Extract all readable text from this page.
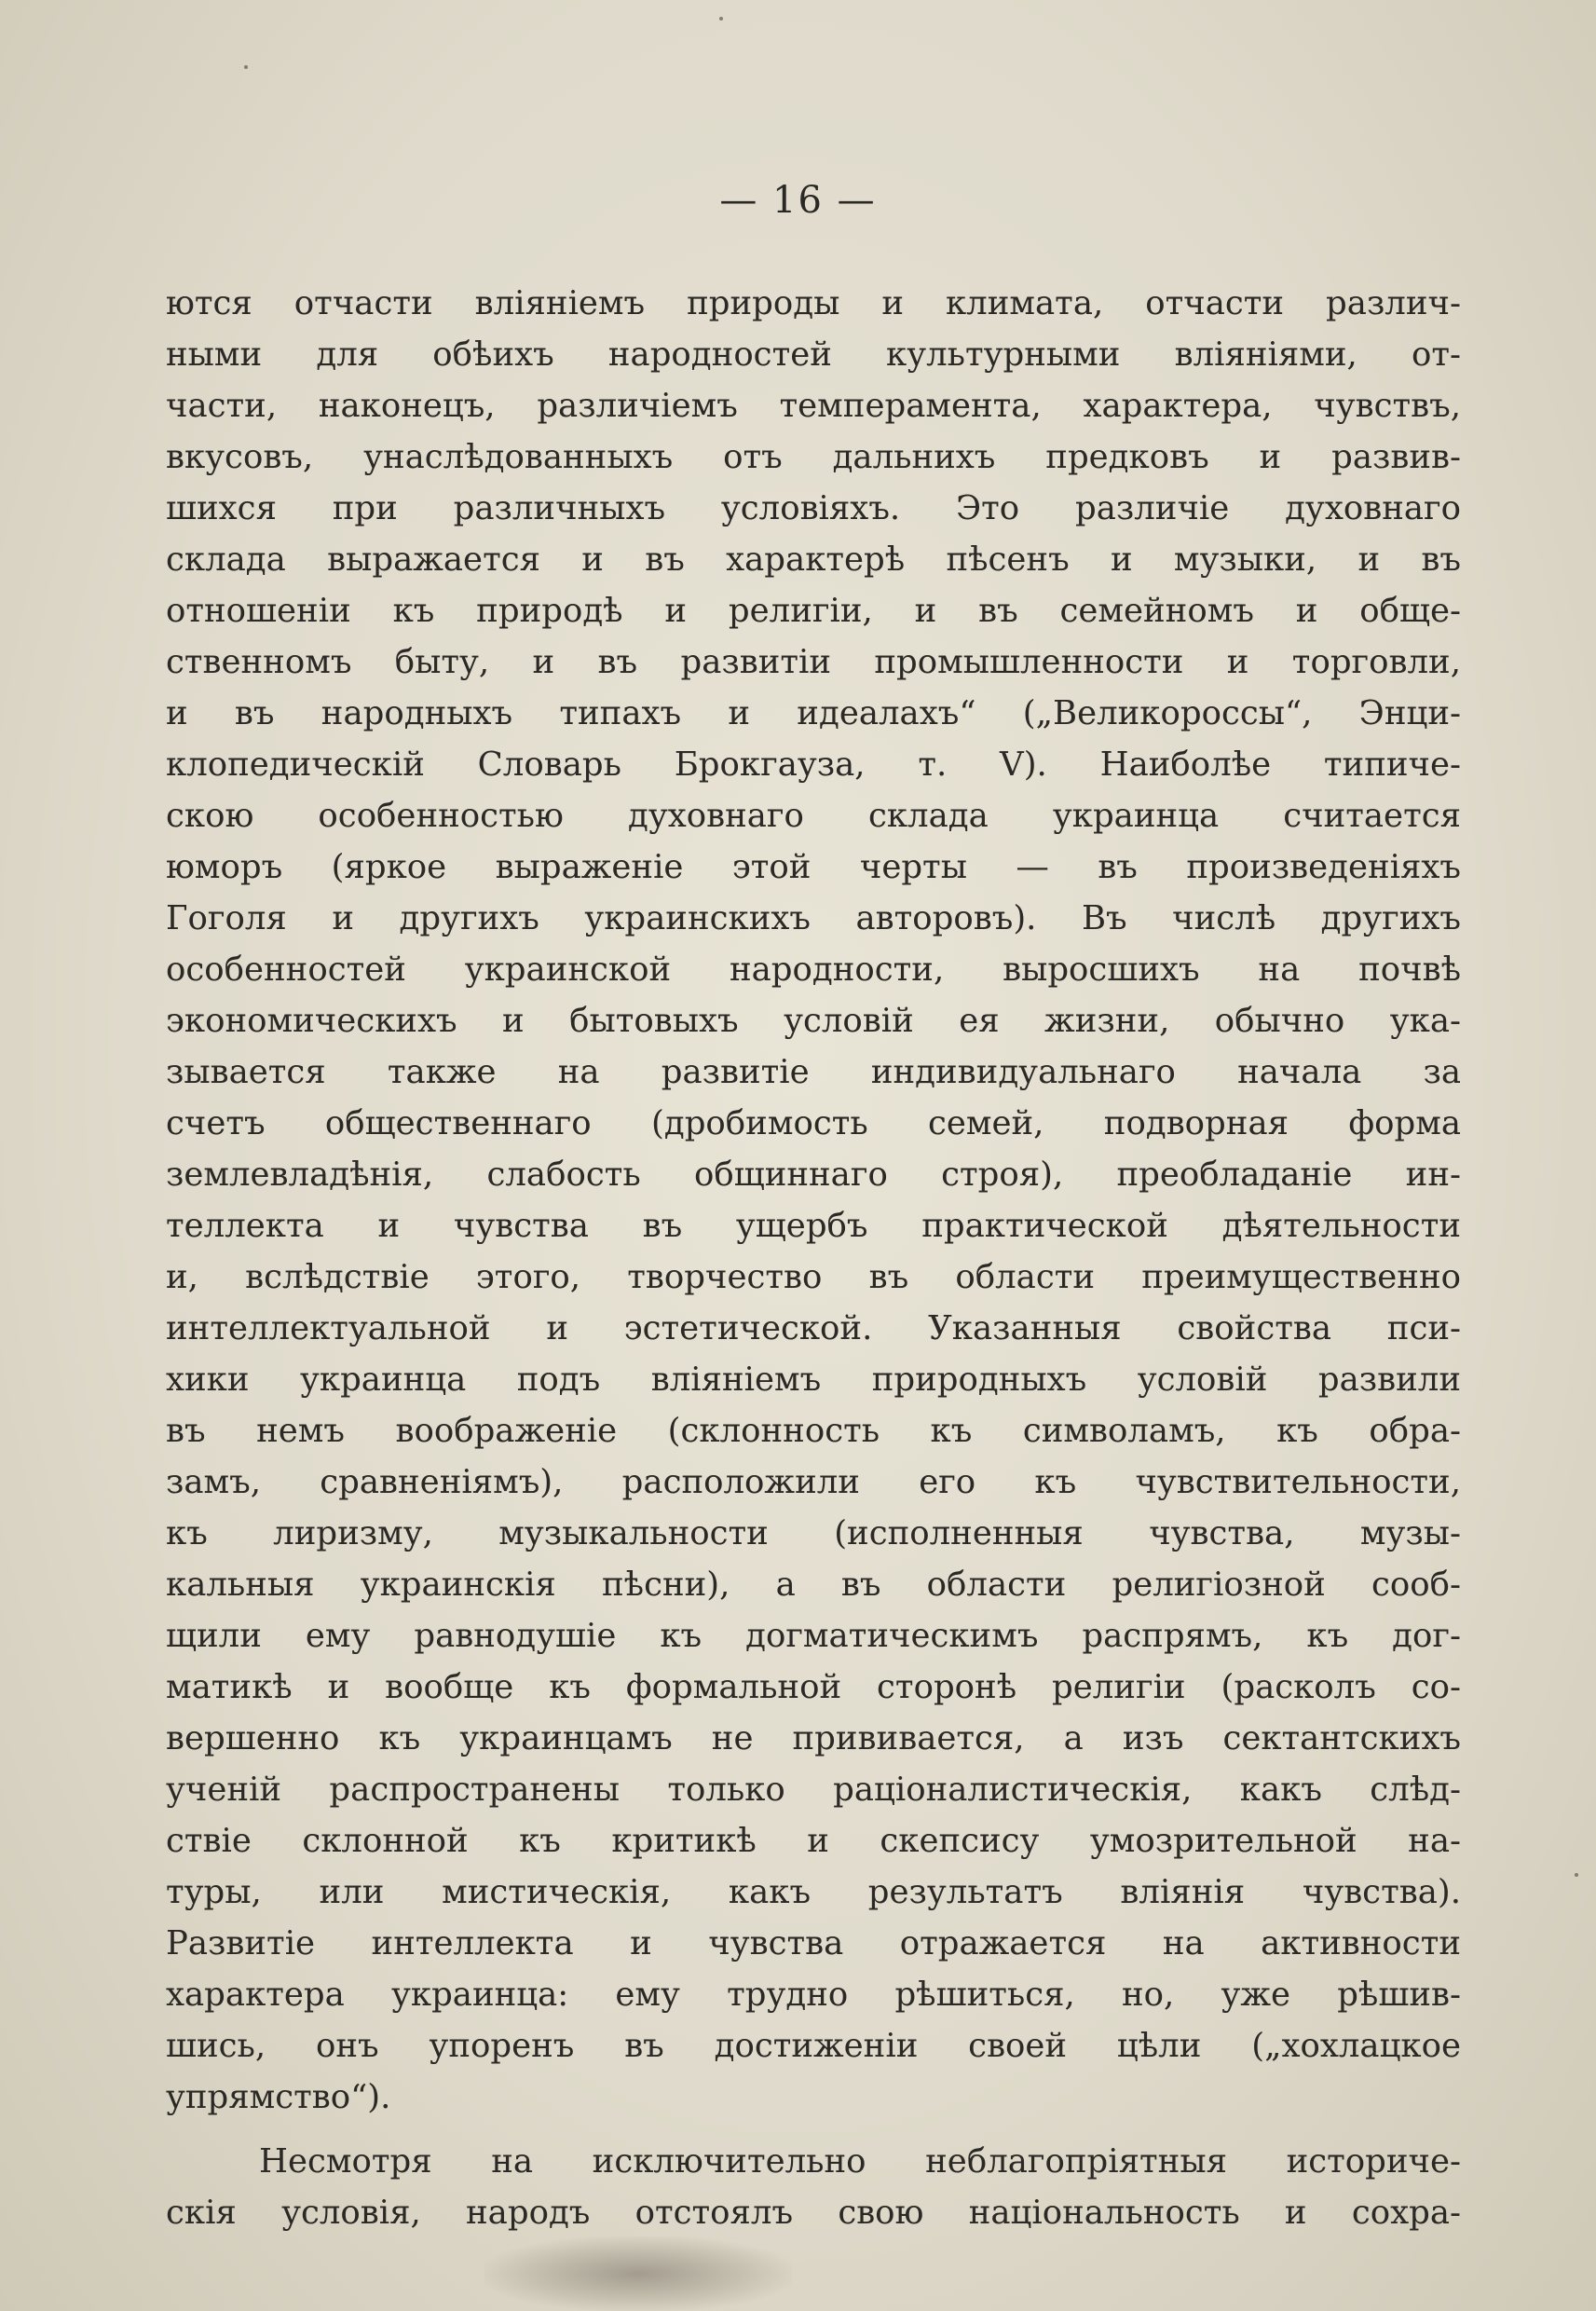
— 16 —
ются отчасти вліяніемъ природы и климата, отчасти различ-
ными для обѣихъ народностей культурными вліяніями, от-
части, наконецъ, различіемъ темперамента, характера, чувствъ,
вкусовъ, унаслѣдованныхъ отъ дальнихъ предковъ и развив-
шихся при различныхъ условіяхъ. Это различіе духовнаго
склада выражается и въ характерѣ пѣсенъ и музыки, и въ
отношеніи къ природѣ и религіи, и въ семейномъ и обще-
ственномъ быту, и въ развитіи промышленности и торговли,
и въ народныхъ типахъ и идеалахъ“ („Великороссы“, Энци-
клопедическій Словарь Брокгауза, т. V). Наиболѣе типиче-
скою особенностью духовнаго склада украинца считается
юморъ (яркое выраженіе этой черты — въ произведеніяхъ
Гоголя и другихъ украинскихъ авторовъ). Въ числѣ другихъ
особенностей украинской народности, выросшихъ на почвѣ
экономическихъ и бытовыхъ условій ея жизни, обычно ука-
зывается также на развитіе индивидуальнаго начала за
счетъ общественнаго (дробимость семей, подворная форма
землевладѣнія, слабость общиннаго строя), преобладаніе ин-
теллекта и чувства въ ущербъ практической дѣятельности
и, вслѣдствіе этого, творчество въ области преимущественно
интеллектуальной и эстетической. Указанныя свойства пси-
хики украинца подъ вліяніемъ природныхъ условій развили
въ немъ воображеніе (склонность къ символамъ, къ обра-
замъ, сравненіямъ), расположили его къ чувствительности,
къ лиризму, музыкальности (исполненныя чувства, музы-
кальныя украинскія пѣсни), а въ области религіозной сооб-
щили ему равнодушіе къ догматическимъ распрямъ, къ дог-
матикѣ и вообще къ формальной сторонѣ религіи (расколъ со-
вершенно къ украинцамъ не прививается, а изъ сектантскихъ
ученій распространены только раціоналистическія, какъ слѣд-
ствіе склонной къ критикѣ и скепсису умозрительной на-
туры, или мистическія, какъ результатъ вліянія чувства).
Развитіе интеллекта и чувства отражается на активности
характера украинца: ему трудно рѣшиться, но, уже рѣшив-
шись, онъ упоренъ въ достиженіи своей цѣли („хохлацкое
упрямство“).
Несмотря на исключительно неблагопріятныя историче-
скія условія, народъ отстоялъ свою національность и сохра-
